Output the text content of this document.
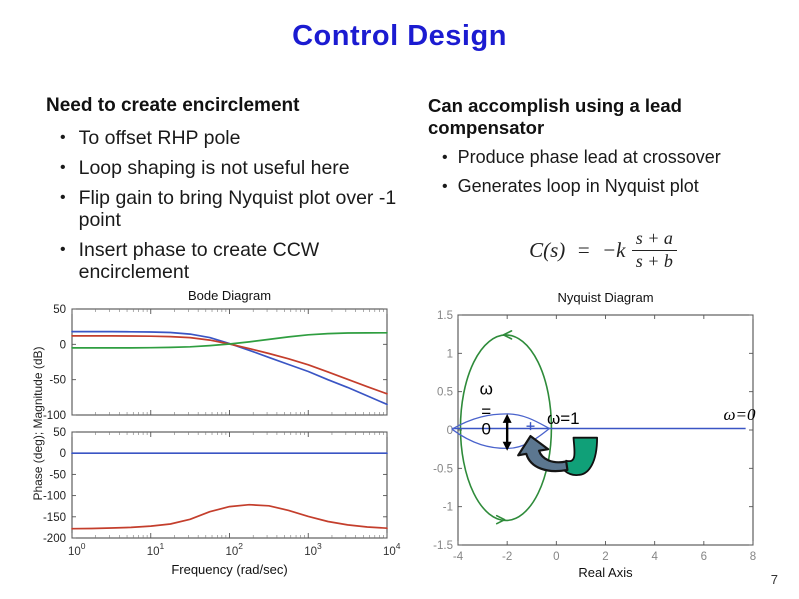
Control Design
Need to create encirclement
• To offset RHP pole
• Loop shaping is not useful here
• Flip gain to bring Nyquist plot over -1 point
• Insert phase to create CCW encirclement
Can accomplish using a lead compensator
• Produce phase lead at crossover
• Generates loop in Nyquist plot
$C(s) = -k \frac{s + a}{s + b}$
Bode Diagram
50
0
-50
-100
50
0
-50
-100
-150
-200
$10^0$	$10^1$	$10^2$	$10^3$	$10^4$
Frequency (rad/sec)
Phase (deg); Magnitude (dB)
Nyquist Diagram
-4	-2	0	2	4	6	8
-1.5
-1
-0.5
0
0.5
1
1.5
Real Axis
ω
=
0
ω=1	ω=0
7
